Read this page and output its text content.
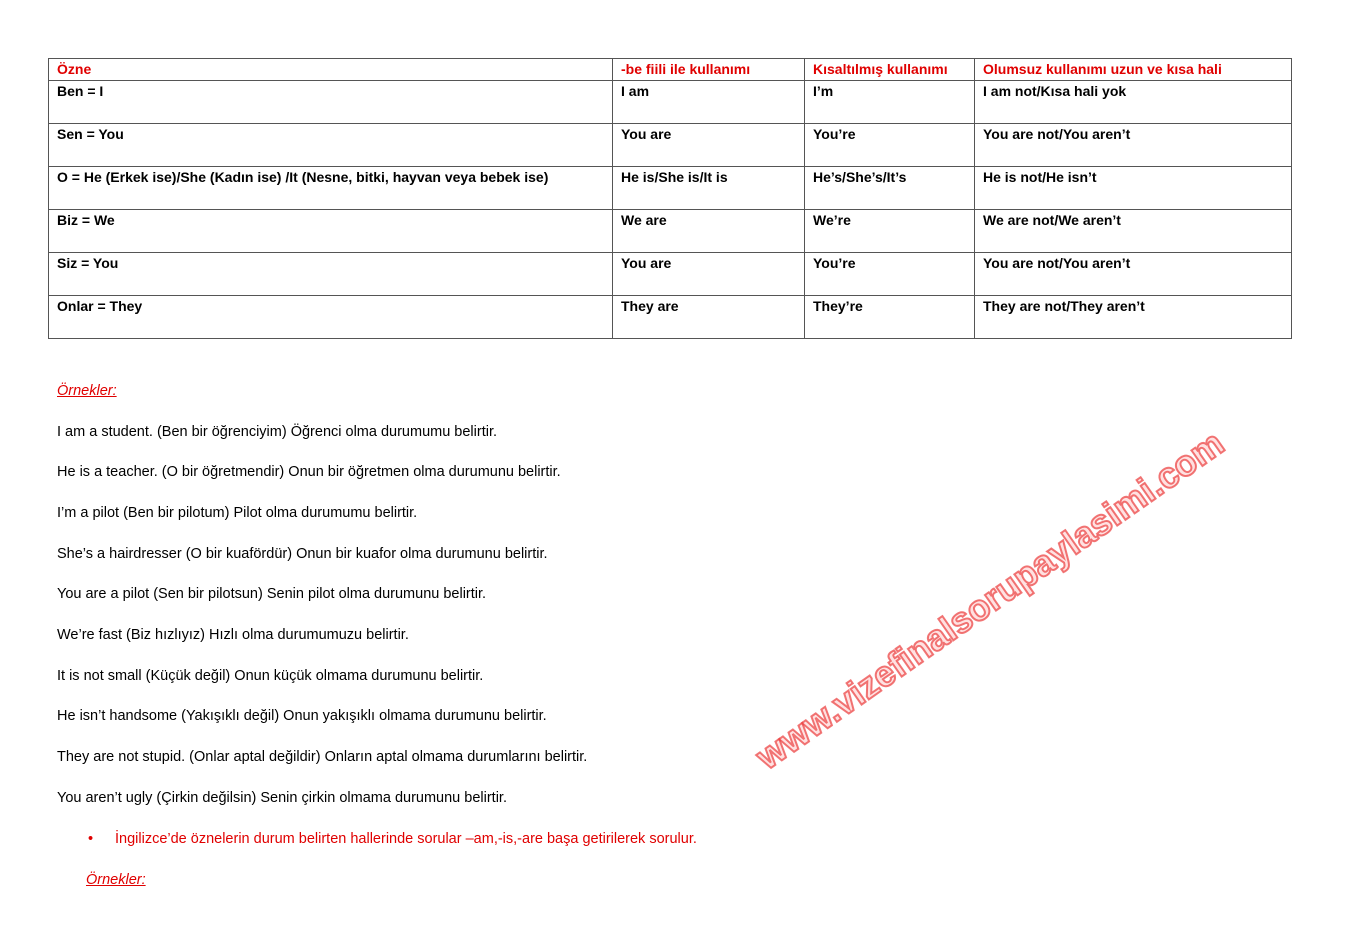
Özne	-be fiili ile kullanımı	Kısaltılmış kullanımı	Olumsuz kullanımı uzun ve kısa hali
Ben = I	I am	I’m	I am not/Kısa hali yok
Sen = You	You are	You’re	You are not/You aren’t
O = He (Erkek ise)/She (Kadın ise) /It (Nesne, bitki, hayvan veya bebek ise)	He is/She is/It is	He’s/She’s/It’s	He is not/He isn’t
Biz = We	We are	We’re	We are not/We aren’t
Siz = You	You are	You’re	You are not/You aren’t
Onlar = They	They are	They’re	They are not/They aren’t
Örnekler:
I am a student. (Ben bir öğrenciyim) Öğrenci olma durumumu belirtir.
He is a teacher. (O bir öğretmendir) Onun bir öğretmen olma durumunu belirtir.
I’m a pilot (Ben bir pilotum) Pilot olma durumumu belirtir.
She’s a hairdresser (O bir kuafördür) Onun bir kuafor olma durumunu belirtir.
You are a pilot (Sen bir pilotsun) Senin pilot olma durumunu belirtir.
We’re fast (Biz hızlıyız) Hızlı olma durumumuzu belirtir.
It is not small (Küçük değil) Onun küçük olmama durumunu belirtir.
He isn’t handsome (Yakışıklı değil) Onun yakışıklı olmama durumunu belirtir.
They are not stupid. (Onlar aptal değildir) Onların aptal olmama durumlarını belirtir.
You aren’t ugly (Çirkin değilsin) Senin çirkin olmama durumunu belirtir.
• İngilizce’de öznelerin durum belirten hallerinde sorular –am,-is,-are başa getirilerek sorulur.
Örnekler:
www.vizefinalsorupaylasimi.com
